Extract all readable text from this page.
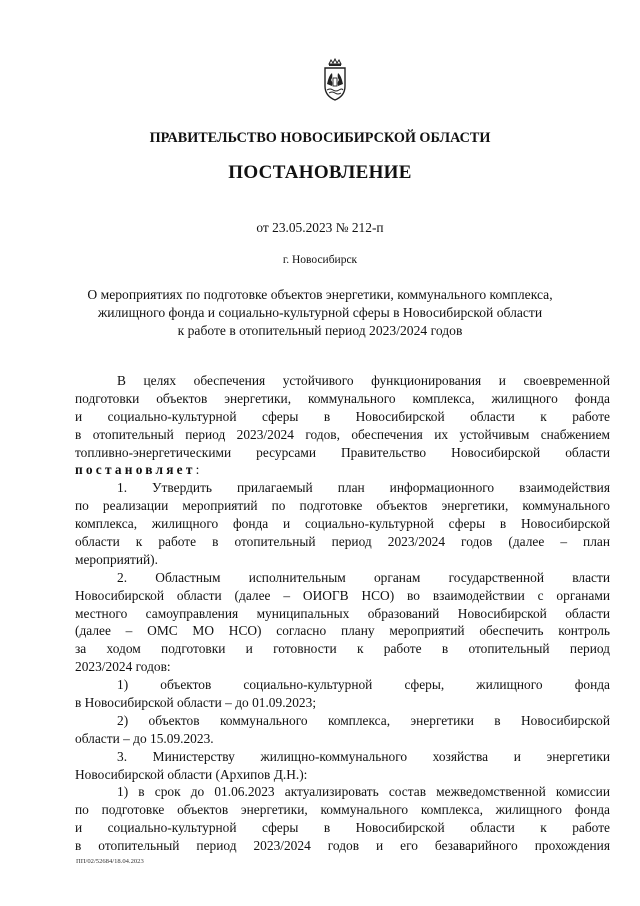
ПРАВИТЕЛЬСТВО НОВОСИБИРСКОЙ ОБЛАСТИ
ПОСТАНОВЛЕНИЕ
от 23.05.2023 № 212-п
г. Новосибирск
О мероприятиях по подготовке объектов энергетики, коммунального комплекса,
жилищного фонда и социально-культурной сферы в Новосибирской области
к работе в отопительный период 2023/2024 годов
В целях обеспечения устойчивого функционирования и своевременной
подготовки объектов энергетики, коммунального комплекса, жилищного фонда
и социально-культурной сферы в Новосибирской области к работе
в отопительный период 2023/2024 годов, обеспечения их устойчивым снабжением
топливно-энергетическими ресурсами Правительство Новосибирской области
постановляет:
1. Утвердить прилагаемый план информационного взаимодействия
по реализации мероприятий по подготовке объектов энергетики, коммунального
комплекса, жилищного фонда и социально-культурной сферы в Новосибирской
области к работе в отопительный период 2023/2024 годов (далее – план
мероприятий).
2. Областным исполнительным органам государственной власти
Новосибирской области (далее – ОИОГВ НСО) во взаимодействии с органами
местного самоуправления муниципальных образований Новосибирской области
(далее – ОМС МО НСО) согласно плану мероприятий обеспечить контроль
за ходом подготовки и готовности к работе в отопительный период
2023/2024 годов:
1) объектов социально-культурной сферы, жилищного фонда
в Новосибирской области – до 01.09.2023;
2) объектов коммунального комплекса, энергетики в Новосибирской
области – до 15.09.2023.
3. Министерству жилищно-коммунального хозяйства и энергетики
Новосибирской области (Архипов Д.Н.):
1) в срок до 01.06.2023 актуализировать состав межведомственной комиссии
по подготовке объектов энергетики, коммунального комплекса, жилищного фонда
и социально-культурной сферы в Новосибирской области к работе
в отопительный период 2023/2024 годов и его безаварийного прохождения
ПП/02/52684/18.04.2023
